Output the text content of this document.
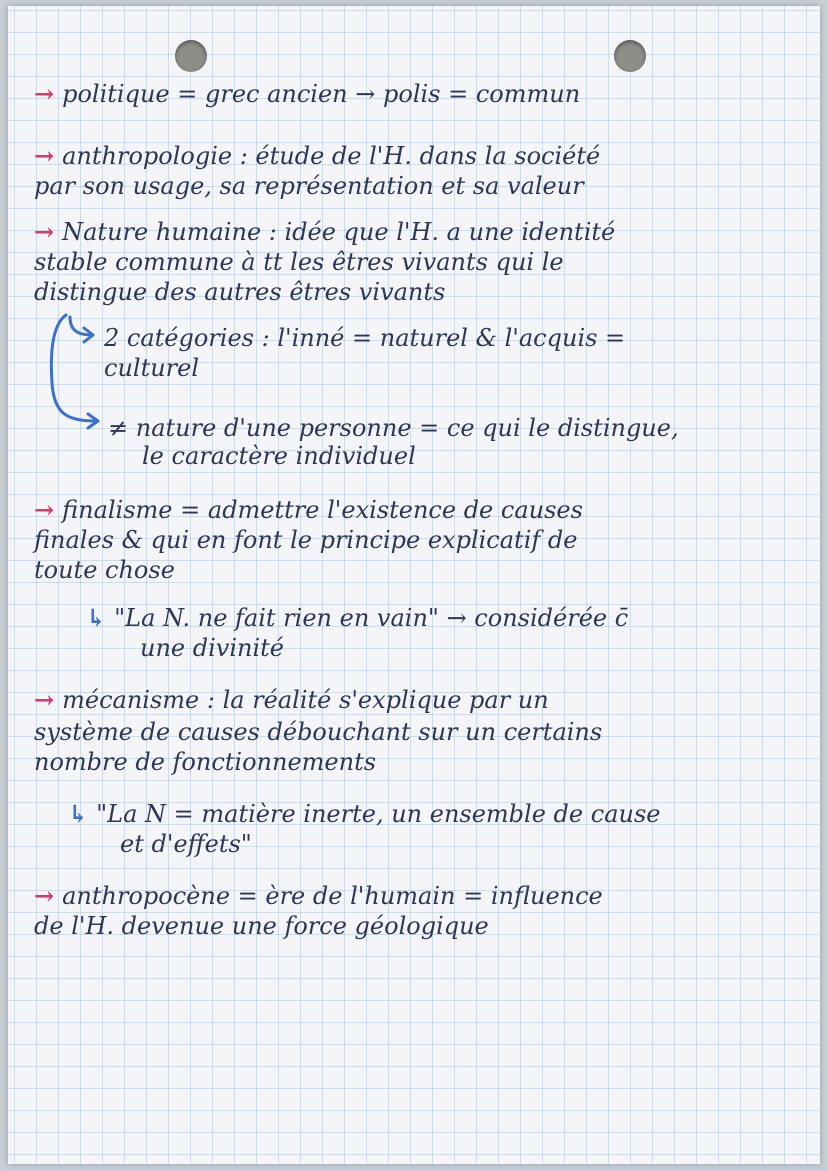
→ politique = grec ancien → polis = commun
→ anthropologie : étude de l'H. dans la société
par son usage, sa représentation et sa valeur
→ Nature humaine : idée que l'H. a une identité
stable commune à tt les êtres vivants qui le
distingue des autres êtres vivants
2 catégories : l'inné = naturel & l'acquis =
culturel
≠ nature d'une personne = ce qui le distingue,
le caractère individuel
→ finalisme = admettre l'existence de causes
finales & qui en font le principe explicatif de
toute chose
↳ "La N. ne fait rien en vain" → considérée c̄
une divinité
→ mécanisme : la réalité s'explique par un
système de causes débouchant sur un certains
nombre de fonctionnements
↳ "La N = matière inerte, un ensemble de cause
et d'effets"
→ anthropocène = ère de l'humain = influence
de l'H. devenue une force géologique
